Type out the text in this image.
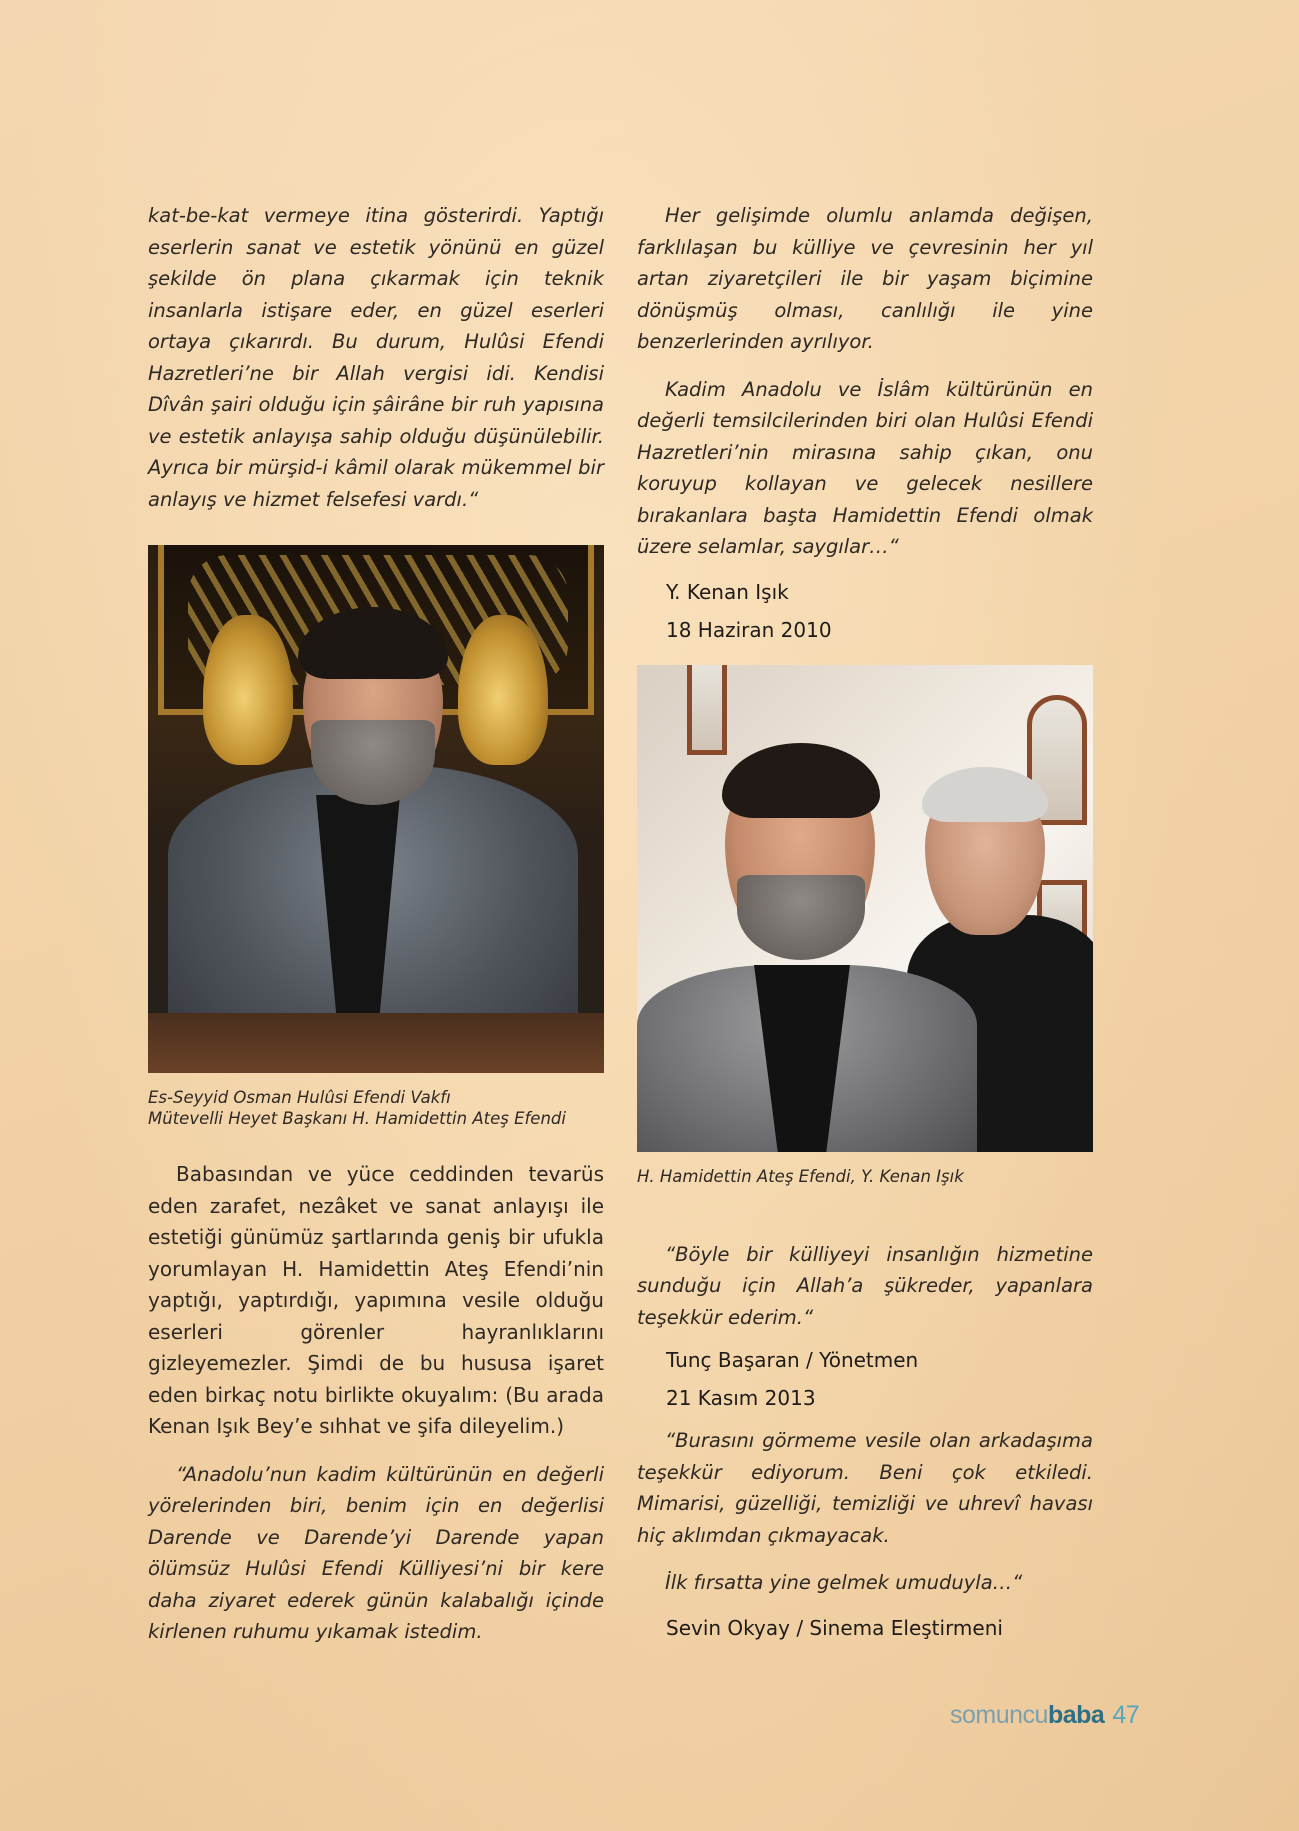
kat-be-kat vermeye itina gösterirdi. Yaptığı eserlerin sanat ve estetik yönünü en güzel şekilde ön plana çıkarmak için teknik insanlarla istişare eder, en güzel eserleri ortaya çıkarırdı. Bu durum, Hulûsi Efendi Hazretleri’ne bir Allah vergisi idi. Kendisi Dîvân şairi olduğu için şâirâne bir ruh yapısına ve estetik anlayışa sahip olduğu düşünülebilir. Ayrıca bir mürşid-i kâmil olarak mükemmel bir anlayış ve hizmet felsefesi vardı.“

Es-Seyyid Osman Hulûsi Efendi Vakfı
Mütevelli Heyet Başkanı H. Hamidettin Ateş Efendi

Babasından ve yüce ceddinden tevarüs eden zarafet, nezâket ve sanat anlayışı ile estetiği günümüz şartlarında geniş bir ufukla yorumlayan H. Hamidettin Ateş Efendi’nin yaptığı, yaptırdığı, yapımına vesile olduğu eserleri görenler hayranlıklarını gizleyemezler. Şimdi de bu hususa işaret eden birkaç notu birlikte okuyalım: (Bu arada Kenan Işık Bey’e sıhhat ve şifa dileyelim.)

“Anadolu’nun kadim kültürünün en değerli yörelerinden biri, benim için en değerlisi Darende ve Darende’yi Darende yapan ölümsüz Hulûsi Efendi Külliyesi’ni bir kere daha ziyaret ederek günün kalabalığı içinde kirlenen ruhumu yıkamak istedim.

Her gelişimde olumlu anlamda değişen, farklılaşan bu külliye ve çevresinin her yıl artan ziyaretçileri ile bir yaşam biçimine dönüşmüş olması, canlılığı ile yine benzerlerinden ayrılıyor.

Kadim Anadolu ve İslâm kültürünün en değerli temsilcilerinden biri olan Hulûsi Efendi Hazretleri’nin mirasına sahip çıkan, onu koruyup kollayan ve gelecek nesillere bırakanlara başta Hamidettin Efendi olmak üzere selamlar, saygılar…“

Y. Kenan Işık
18 Haziran 2010
H. Hamidettin Ateş Efendi, Y. Kenan Işık

“Böyle bir külliyeyi insanlığın hizmetine sunduğu için Allah’a şükreder, yapanlara teşekkür ederim.“

Tunç Başaran / Yönetmen
21 Kasım 2013

“Burasını görmeme vesile olan arkadaşıma teşekkür ediyorum. Beni çok etkiledi. Mimarisi, güzelliği, temizliği ve uhrevî havası hiç aklımdan çıkmayacak.

İlk fırsatta yine gelmek umuduyla…“

Sevin Okyay / Sinema Eleştirmeni
somuncubaba 47
